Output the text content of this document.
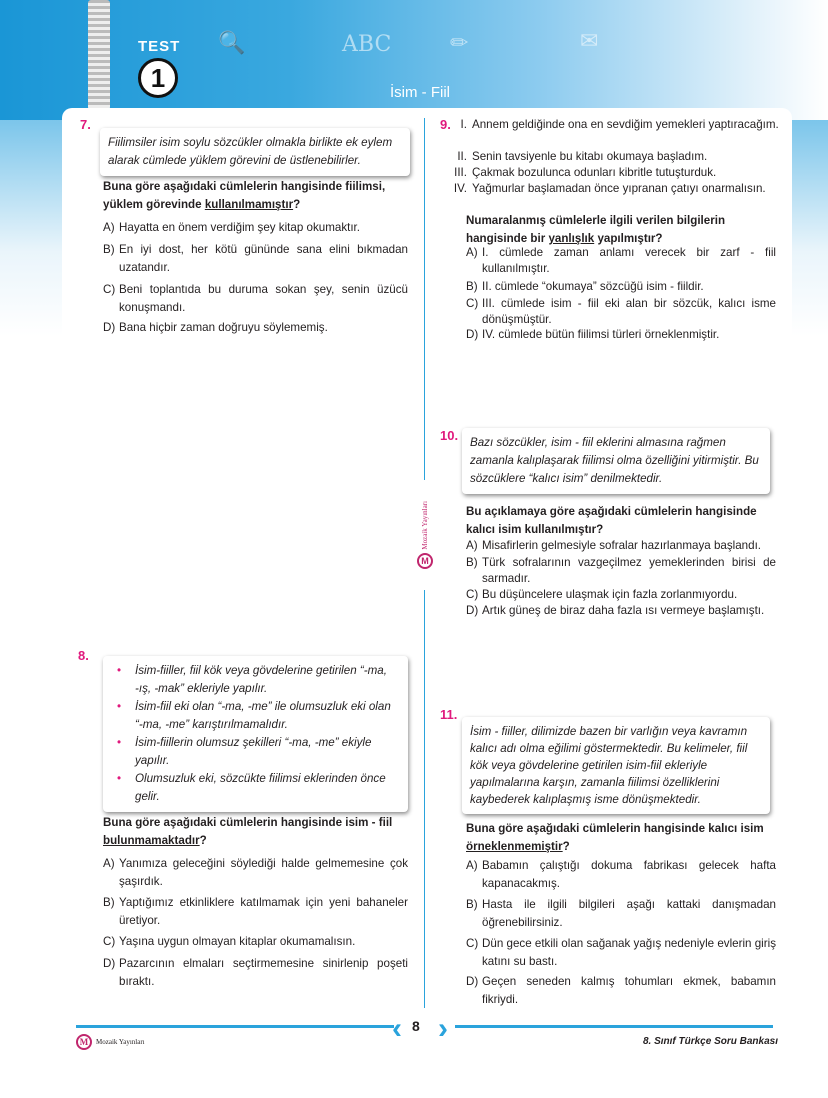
TEST
1
🔍	ABC	✏	✉
İsim - Fiil
Mozaik Yayınları
M
7.
Fiilimsiler isim soylu sözcükler olmakla birlikte ek eylem alarak cümlede yüklem görevini de üstlenebilirler.
Buna göre aşağıdaki cümlelerin hangisinde fiilimsi, yüklem görevinde kullanılmamıştır?
A) Hayatta en önem verdiğim şey kitap okumaktır.
B) En iyi dost, her kötü gününde sana elini bıkmadan uzatandır.
C) Beni toplantıda bu duruma sokan şey, senin üzücü konuşmandı.
D) Bana hiçbir zaman doğruyu söylememiş.
8.
•	İsim-fiiller, fiil kök veya gövdelerine getirilen “-ma, -ış, -mak” ekleriyle yapılır.
•	İsim-fiil eki olan “-ma, -me” ile olumsuzluk eki olan “-ma, -me” karıştırılmamalıdır.
•	İsim-fiillerin olumsuz şekilleri “-ma, -me” ekiyle yapılır.
•	Olumsuzluk eki, sözcükte fiilimsi eklerinden önce gelir.
Buna göre aşağıdaki cümlelerin hangisinde isim - fiil bulunmamaktadır?
A) Yanımıza geleceğini söylediği halde gelmemesine çok şaşırdık.
B) Yaptığımız etkinliklere katılmamak için yeni bahaneler üretiyor.
C) Yaşına uygun olmayan kitaplar okumamalısın.
D) Pazarcının elmaları seçtirmemesine sinirlenip poşeti bıraktı.
9. I. Annem geldiğinde ona en sevdiğim yemekleri yaptıracağım.
II. Senin tavsiyenle bu kitabı okumaya başladım.
III. Çakmak bozulunca odunları kibritle tutuşturduk.
IV. Yağmurlar başlamadan önce yıpranan çatıyı onarmalısın.
Numaralanmış cümlelerle ilgili verilen bilgilerin hangisinde bir yanlışlık yapılmıştır?
A) I. cümlede zaman anlamı verecek bir zarf - fiil kullanılmıştır.
B) II. cümlede “okumaya” sözcüğü isim - fiildir.
C) III. cümlede isim - fiil eki alan bir sözcük, kalıcı isme dönüşmüştür.
D) IV. cümlede bütün fiilimsi türleri örneklenmiştir.
10.	Bazı sözcükler, isim - fiil eklerini almasına rağmen zamanla kalıplaşarak fiilimsi olma özelliğini yitirmiştir. Bu sözcüklere “kalıcı isim” denilmektedir.
Bu açıklamaya göre aşağıdaki cümlelerin hangisinde kalıcı isim kullanılmıştır?
A) Misafirlerin gelmesiyle sofralar hazırlanmaya başlandı.
B) Türk sofralarının vazgeçilmez yemeklerinden birisi de sarmadır.
C) Bu düşüncelere ulaşmak için fazla zorlanmıyordu.
D) Artık güneş de biraz daha fazla ısı vermeye başlamıştı.
11.
İsim - fiiller, dilimizde bazen bir varlığın veya kavramın kalıcı adı olma eğilimi göstermektedir. Bu kelimeler, fiil kök veya gövdelerine getirilen isim-fiil ekleriyle yapılmalarına karşın, zamanla fiilimsi özelliklerini kaybederek kalıplaşmış isme dönüşmektedir.
Buna göre aşağıdaki cümlelerin hangisinde kalıcı isim örneklenmemiştir?
A) Babamın çalıştığı dokuma fabrikası gelecek hafta kapanacakmış.
B) Hasta ile ilgili bilgileri aşağı kattaki danışmadan öğrenebilirsiniz.
C) Dün gece etkili olan sağanak yağış nedeniyle evlerin giriş katını su bastı.
D) Geçen seneden kalmış tohumları ekmek, babamın fikriydi.
‹ ›
8
M	Mozaik Yayınları	8. Sınıf Türkçe Soru Bankası
